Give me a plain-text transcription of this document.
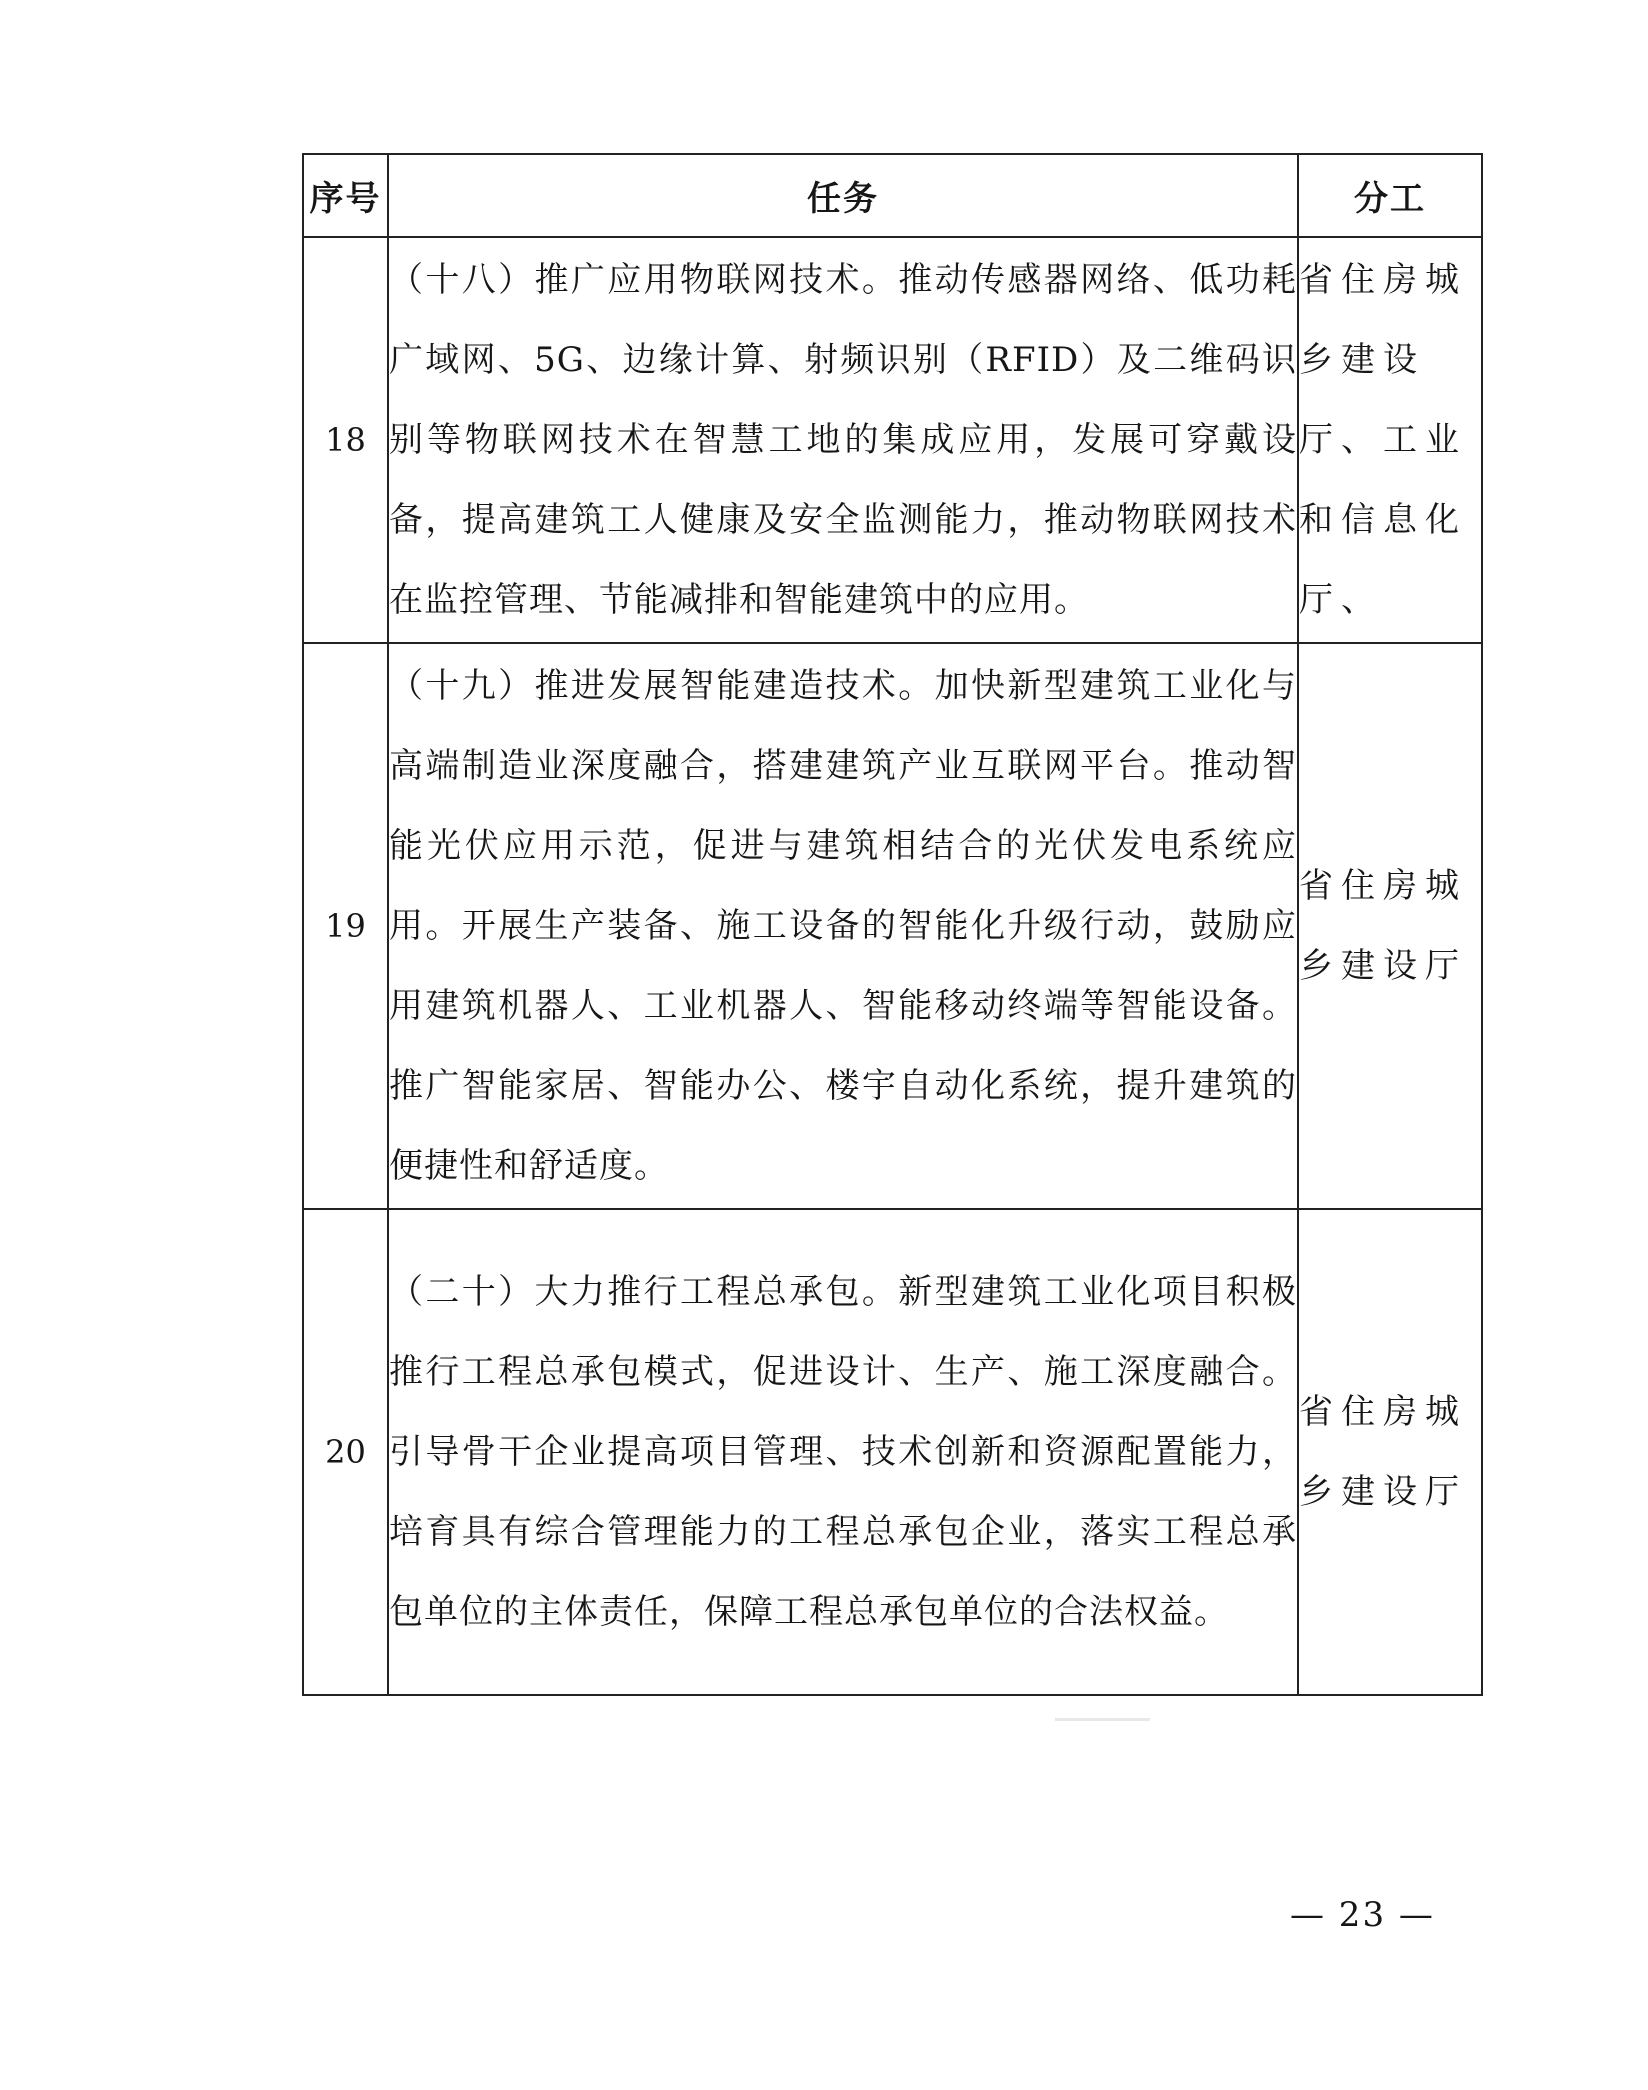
序号	任务	分工
18	（十八）推广应用物联网技术。推动传感器网络、低功耗广域网、5G、边缘计算、射频识别（RFID）及二维码识别等物联网技术在智慧工地的集成应用，发展可穿戴设备，提高建筑工人健康及安全监测能力，推动物联网技术在监控管理、节能减排和智能建筑中的应用。	省住房城乡建设厅、工业和信息化厅、
19	（十九）推进发展智能建造技术。加快新型建筑工业化与高端制造业深度融合，搭建建筑产业互联网平台。推动智能光伏应用示范，促进与建筑相结合的光伏发电系统应用。开展生产装备、施工设备的智能化升级行动，鼓励应用建筑机器人、工业机器人、智能移动终端等智能设备。推广智能家居、智能办公、楼宇自动化系统，提升建筑的便捷性和舒适度。	省住房城乡建设厅
20	（二十）大力推行工程总承包。新型建筑工业化项目积极推行工程总承包模式，促进设计、生产、施工深度融合。引导骨干企业提高项目管理、技术创新和资源配置能力，培育具有综合管理能力的工程总承包企业，落实工程总承包单位的主体责任，保障工程总承包单位的合法权益。	省住房城乡建设厅
— 23 —
